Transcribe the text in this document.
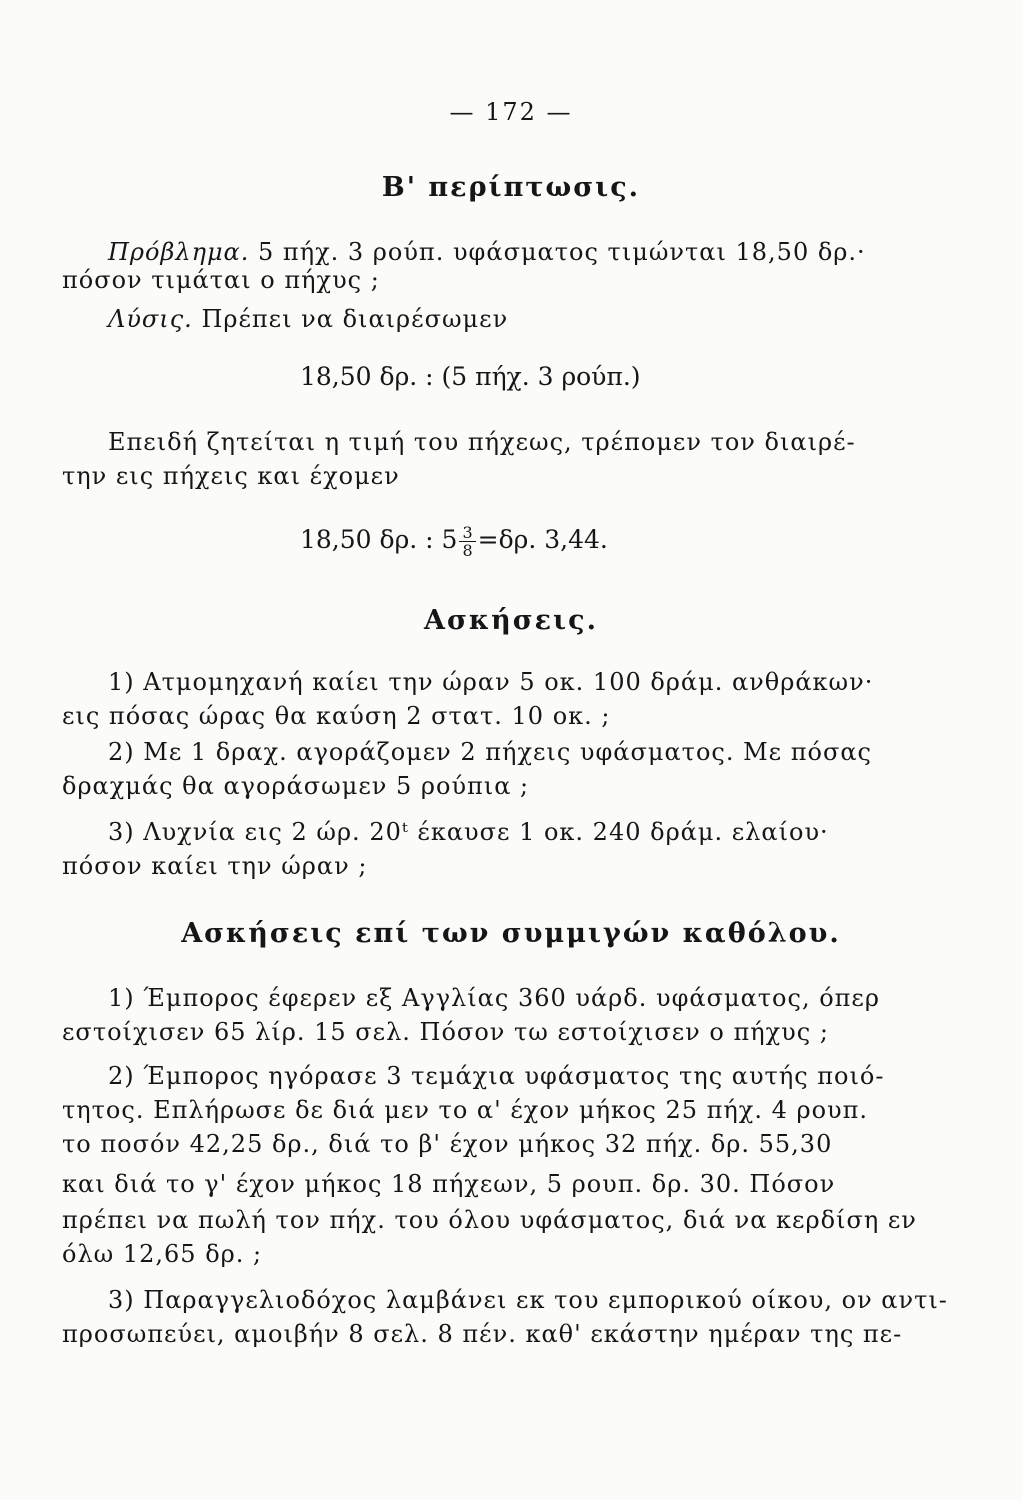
— 172 —
Β' περίπτωσις.
Πρόβλημα. 5 πήχ. 3 ρούπ. υφάσματος τιμώνται 18,50 δρ.·
πόσον τιμάται ο πήχυς ;
Λύσις. Πρέπει να διαιρέσωμεν
18,50 δρ. : (5 πήχ. 3 ρούπ.)
Επειδή ζητείται η τιμή του πήχεως, τρέπομεν τον διαιρέ-
την εις πήχεις και έχομεν
18,50 δρ. : $5 \frac{3}{8} =\delta\rho$. 3,44.
Ασκήσεις.
1) Ατμομηχανή καίει την ώραν 5 οκ. 100 δράμ. ανθράκων·
εις πόσας ώρας θα καύση 2 στατ. 10 οκ. ;
2) Με 1 δραχ. αγοράζομεν 2 πήχεις υφάσματος. Με πόσας
δραχμάς θα αγοράσωμεν 5 ρούπια ;
3) Λυχνία εις 2 ώρ. 20ᵗ έκαυσε 1 οκ. 240 δράμ. ελαίου·
πόσον καίει την ώραν ;
Ασκήσεις επί των συμμιγών καθόλου.
1) Έμπορος έφερεν εξ Αγγλίας 360 υάρδ. υφάσματος, όπερ
εστοίχισεν 65 λίρ. 15 σελ. Πόσον τω εστοίχισεν ο πήχυς ;
2) Έμπορος ηγόρασε 3 τεμάχια υφάσματος της αυτής ποιό-
τητος. Επλήρωσε δε διά μεν το α' έχον μήκος 25 πήχ. 4 ρουπ.
το ποσόν 42,25 δρ., διά το β' έχον μήκος 32 πήχ. δρ. 55,30
και διά το γ' έχον μήκος 18 πήχεων, 5 ρουπ. δρ. 30. Πόσον
πρέπει να πωλή τον πήχ. του όλου υφάσματος, διά να κερδίση εν
όλω 12,65 δρ. ;
3) Παραγγελιοδόχος λαμβάνει εκ του εμπορικού οίκου, ον αντι-
προσωπεύει, αμοιβήν 8 σελ. 8 πέν. καθ' εκάστην ημέραν της πε-
